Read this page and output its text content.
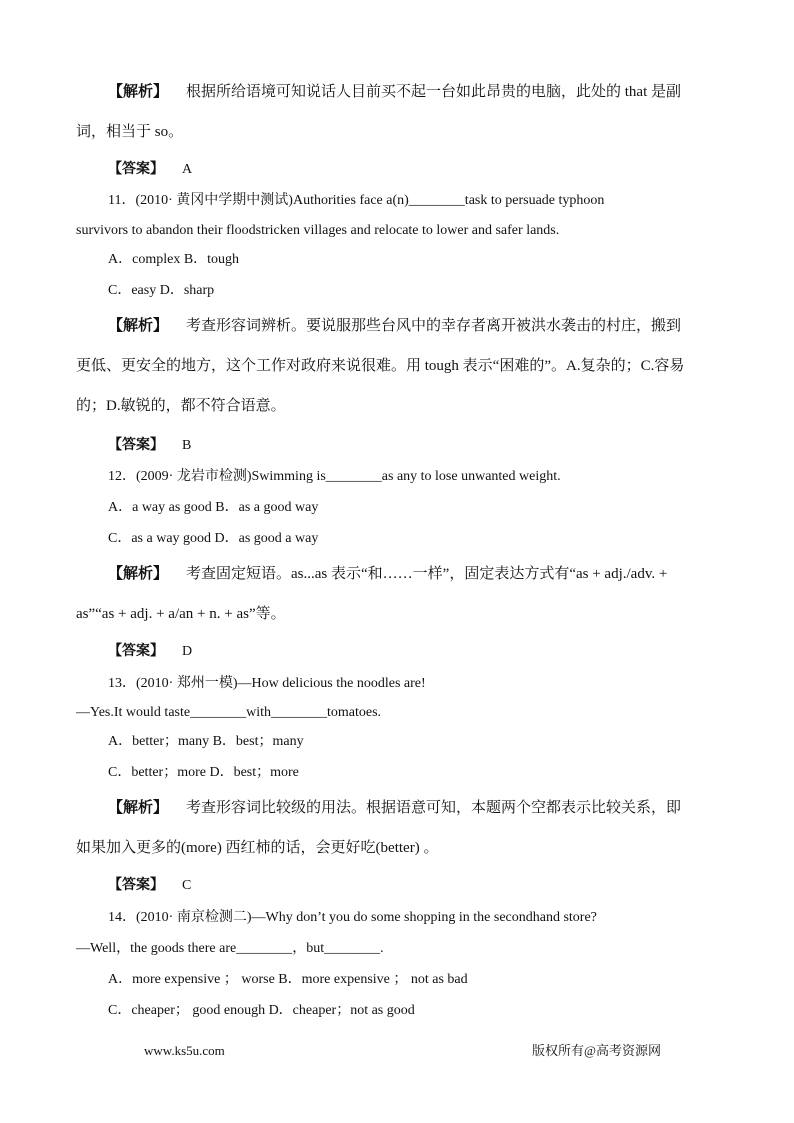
【解析】 根据所给语境可知说话人目前买不起一台如此昂贵的电脑，此处的 that 是副
词，相当于 so。
【答案】 A
11．(2010· 黄冈中学期中测试)Authorities face a(n)________task to persuade typhoon
survivors to abandon their floodstricken villages and relocate to lower and safer lands.
A．complex B．tough
C．easy D．sharp
【解析】 考查形容词辨析。要说服那些台风中的幸存者离开被洪水袭击的村庄，搬到
更低、更安全的地方，这个工作对政府来说很难。用 tough 表示“困难的”。A.复杂的；C.容易
的；D.敏锐的，都不符合语意。
【答案】 B
12．(2009· 龙岩市检测)Swimming is________as any to lose unwanted weight.
A．a way as good B．as a good way
C．as a way good D．as good a way
【解析】 考查固定短语。as...as 表示“和……一样”，固定表达方式有“as + adj./adv. +
as”“as + adj. + a/an + n. + as”等。
【答案】 D
13．(2010· 郑州一模)—How delicious the noodles are!
—Yes.It would taste________with________tomatoes.
A．better；many B．best；many
C．better；more D．best；more
【解析】 考查形容词比较级的用法。根据语意可知，本题两个空都表示比较关系，即
如果加入更多的(more) 西红柿的话，会更好吃(better) 。
【答案】 C
14．(2010· 南京检测二)—Why don’t you do some shopping in the secondhand store?
—Well，the goods there are________，but________.
A．more expensive ； worse B．more expensive ； not as bad
C．cheaper； good enough D．cheaper；not as good
www.ks5u.com	版权所有@高考资源网
